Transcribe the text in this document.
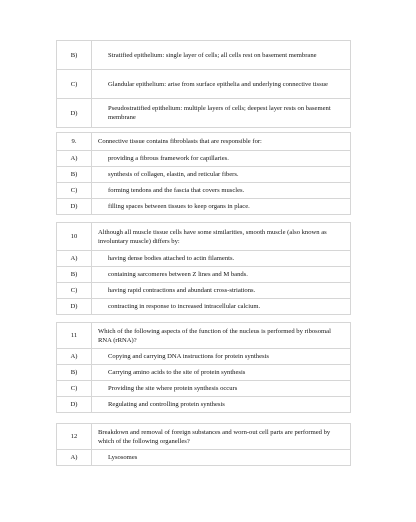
B)	Stratified epithelium: single layer of cells; all cells rest on basement membrane
C)	Glandular epithelium: arise from surface epithelia and underlying connective tissue
D)	Pseudostratified epithelium: multiple layers of cells; deepest layer rests on basement membrane
9.	Connective tissue contains fibroblasts that are responsible for:
A)	providing a fibrous framework for capillaries.
B)	synthesis of collagen, elastin, and reticular fibers.
C)	forming tendons and the fascia that covers muscles.
D)	filling spaces between tissues to keep organs in place.
10	Although all muscle tissue cells have some similarities, smooth muscle (also known as involuntary muscle) differs by:
A)	having dense bodies attached to actin filaments.
B)	containing sarcomeres between Z lines and M bands.
C)	having rapid contractions and abundant cross-striations.
D)	contracting in response to increased intracellular calcium.
11	Which of the following aspects of the function of the nucleus is performed by ribosomal RNA (rRNA)?
A)	Copying and carrying DNA instructions for protein synthesis
B)	Carrying amino acids to the site of protein synthesis
C)	Providing the site where protein synthesis occurs
D)	Regulating and controlling protein synthesis
12	Breakdown and removal of foreign substances and worn-out cell parts are performed by which of the following organelles?
A)	Lysosomes
